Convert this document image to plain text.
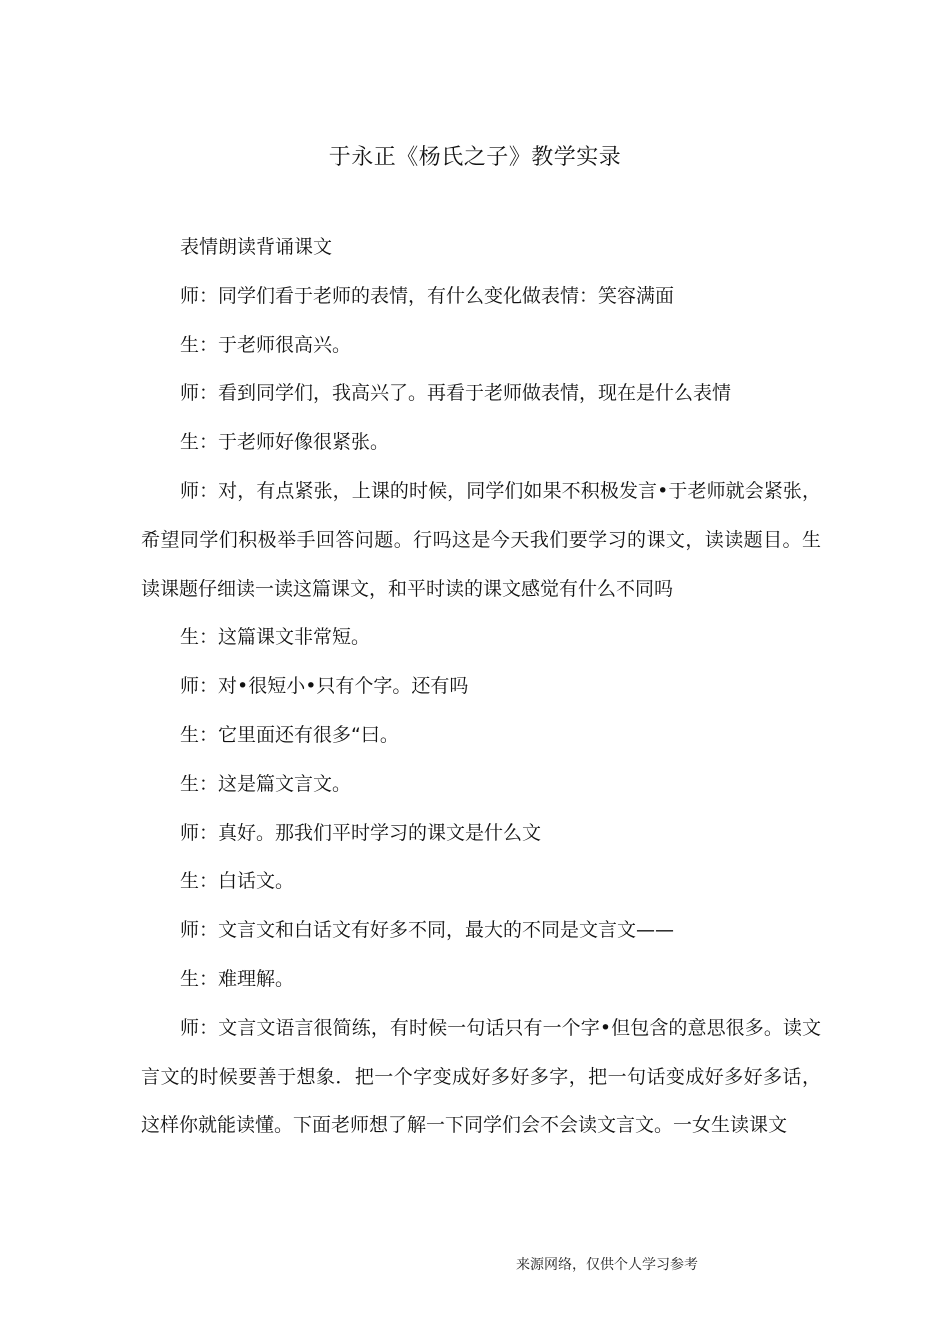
于永正《杨氏之子》教学实录

表情朗读背诵课文

师：同学们看于老师的表情，有什么变化做表情：笑容满面

生：于老师很高兴。

师：看到同学们，我高兴了。再看于老师做表情，现在是什么表情

生：于老师好像很紧张。

师：对，有点紧张，上课的时候，同学们如果不积极发言•于老师就会紧张，希望同学们积极举手回答问题。行吗这是今天我们要学习的课文，读读题目。生读课题仔细读一读这篇课文，和平时读的课文感觉有什么不同吗

生：这篇课文非常短。

师：对•很短小•只有个字。还有吗

生：它里面还有很多“曰。

生：这是篇文言文。

师：真好。那我们平时学习的课文是什么文

生：白话文。

师：文言文和白话文有好多不同，最大的不同是文言文——

生：难理解。

师：文言文语言很简练，有时候一句话只有一个字•但包含的意思很多。读文言文的时候要善于想象．把一个字变成好多好多字，把一句话变成好多好多话，这样你就能读懂。下面老师想了解一下同学们会不会读文言文。一女生读课文

来源网络，仅供个人学习参考
